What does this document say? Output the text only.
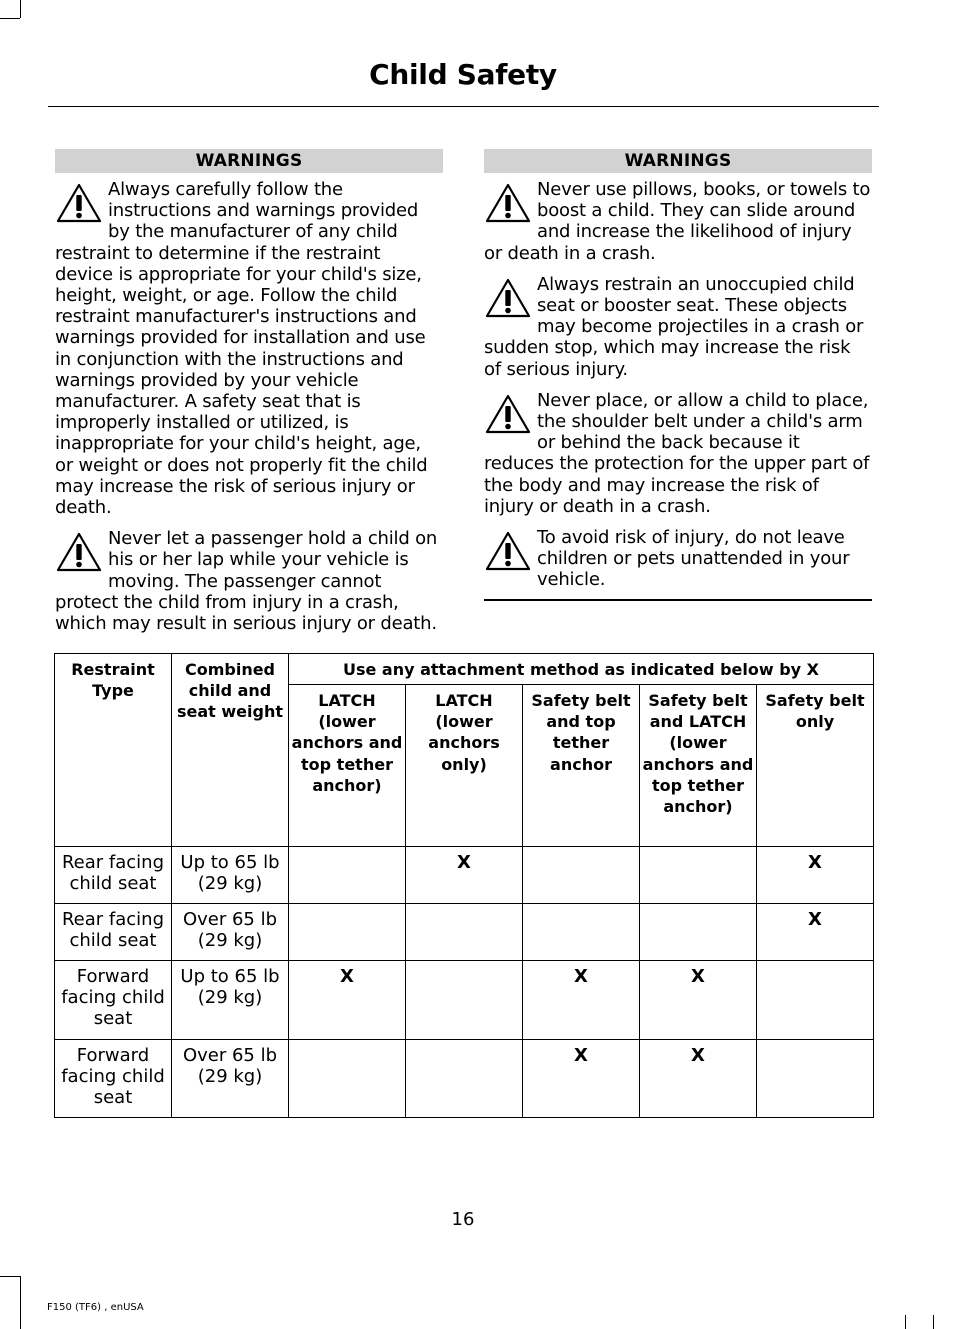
Child Safety
WARNINGS
Always carefully follow the instructions and warnings provided by the manufacturer of any child restraint to determine if the restraint device is appropriate for your child's size, height, weight, or age. Follow the child restraint manufacturer's instructions and warnings provided for installation and use in conjunction with the instructions and warnings provided by your vehicle manufacturer. A safety seat that is improperly installed or utilized, is inappropriate for your child's height, age, or weight or does not properly fit the child may increase the risk of serious injury or death.
Never let a passenger hold a child on his or her lap while your vehicle is moving. The passenger cannot protect the child from injury in a crash, which may result in serious injury or death.
WARNINGS
Never use pillows, books, or towels to boost a child. They can slide around and increase the likelihood of injury or death in a crash.
Always restrain an unoccupied child seat or booster seat. These objects may become projectiles in a crash or sudden stop, which may increase the risk of serious injury.
Never place, or allow a child to place, the shoulder belt under a child's arm or behind the back because it reduces the protection for the upper part of the body and may increase the risk of injury or death in a crash.
To avoid risk of injury, do not leave children or pets unattended in your vehicle.
Restraint Type	Combined child and seat weight	Use any attachment method as indicated below by X				
		LATCH (lower anchors and top tether anchor)	LATCH (lower anchors only)	Safety belt and top tether anchor	Safety belt and LATCH (lower anchors and top tether anchor)	Safety belt only
Rear facing child seat	Up to 65 lb (29 kg)		X			X
Rear facing child seat	Over 65 lb (29 kg)					X
Forward facing child seat	Up to 65 lb (29 kg)	X		X	X	
Forward facing child seat	Over 65 lb (29 kg)			X	X	
16
F150 (TF6) , enUSA
